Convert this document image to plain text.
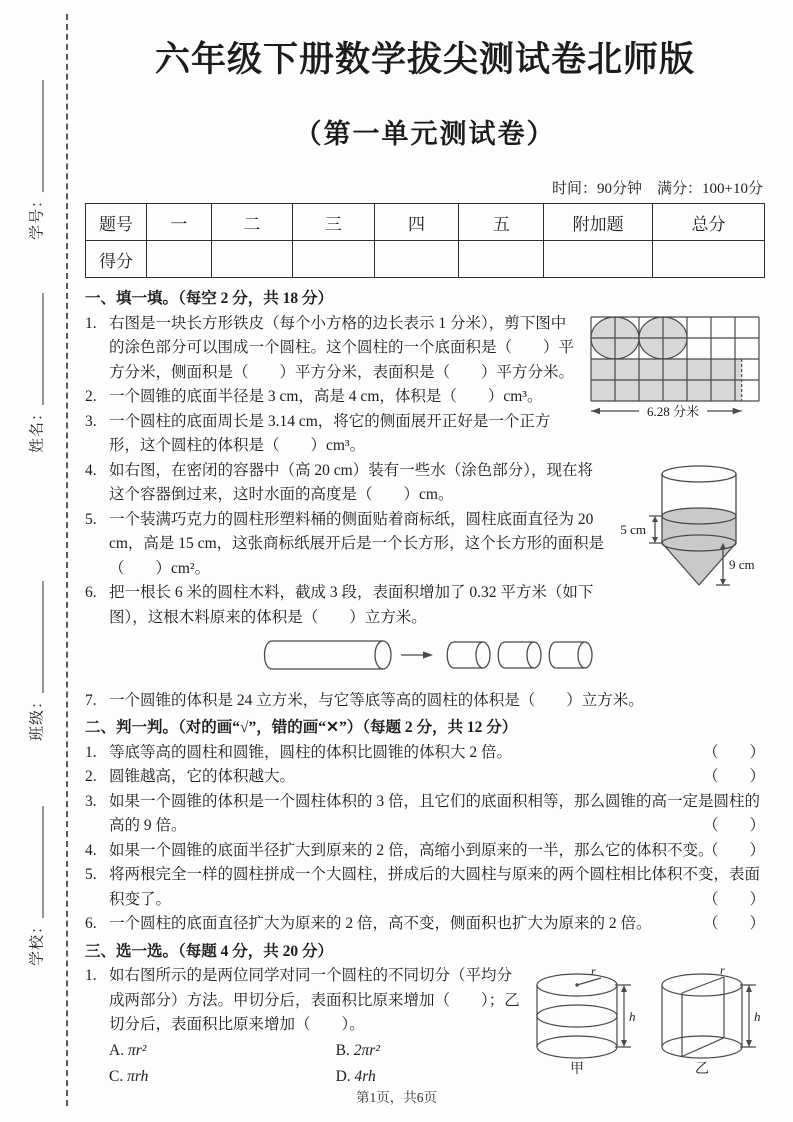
学号：
姓名：
班级：
学校：
六年级下册数学拔尖测试卷北师版
（第一单元测试卷）
时间：90分钟　满分：100+10分
题号	一	二	三	四	五	附加题	总分
得分							
一、填一填。（每空 2 分，共 18 分）
1.
6.28 分米
右图是一块长方形铁皮（每个小方格的边长表示 1 分米），剪下图中的涂色部分可以围成一个圆柱。这个圆柱的一个底面积是（　　）平方分米，侧面积是（　　）平方分米，表面积是（　　）平方分米。
2. 一个圆锥的底面半径是 3 cm，高是 4 cm，体积是（　　）cm³。
3. 一个圆柱的底面周长是 3.14 cm，将它的侧面展开正好是一个正方形，这个圆柱的体积是（　　）cm³。
4.
5 cm
9 cm
如右图，在密闭的容器中（高 20 cm）装有一些水（涂色部分），现在将这个容器倒过来，这时水面的高度是（　　）cm。
5. 一个装满巧克力的圆柱形塑料桶的侧面贴着商标纸，圆柱底面直径为 20 cm，高是 15 cm，这张商标纸展开后是一个长方形，这个长方形的面积是（　　）cm²。
6. 把一根长 6 米的圆柱木料，截成 3 段，表面积增加了 0.32 平方米（如下图），这根木料原来的体积是（　　）立方米。
7. 一个圆锥的体积是 24 立方米，与它等底等高的圆柱的体积是（　　）立方米。
二、判一判。（对的画“√”，错的画“✕”）（每题 2 分，共 12 分）
1. 等底等高的圆柱和圆锥，圆柱的体积比圆锥的体积大 2 倍。	（　　）
2. 圆锥越高，它的体积越大。	（　　）
3. 如果一个圆锥的体积是一个圆柱体积的 3 倍，且它们的底面积相等，那么圆锥的高一定是圆柱的高的 9 倍。	（　　）
4. 如果一个圆锥的底面半径扩大到原来的 2 倍，高缩小到原来的一半，那么它的体积不变。
（　　）
5. 将两根完全一样的圆柱拼成一个大圆柱，拼成后的大圆柱与原来的两个圆柱相比体积不变，表面积变了。	（　　）
6. 一个圆柱的底面直径扩大为原来的 2 倍，高不变，侧面积也扩大为原来的 2 倍。	（　　）
三、选一选。（每题 4 分，共 20 分）
1.	r
h
甲
r
h
乙
如右图所示的是两位同学对同一个圆柱的不同切分（平均分成两部分）方法。甲切分后，表面积比原来增加（　　）；乙切分后，表面积比原来增加（　　）。
A. πr²	B. 2πr²
C. πrh	D. 4rh
第1页，共6页
